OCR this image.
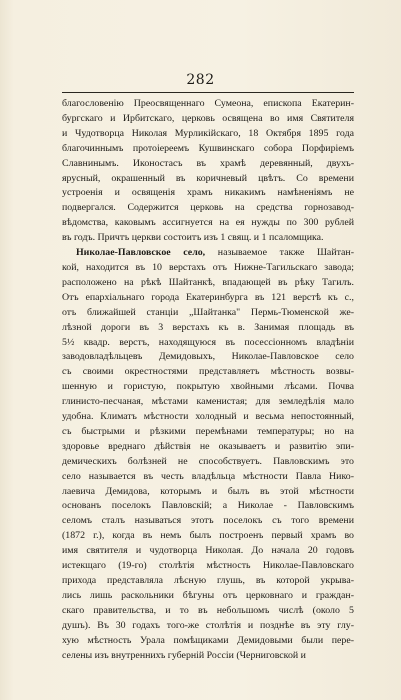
282
благословенію Преосвященнаго Сумеона, епископа Екатерин-
бургскаго и Ирбитскаго, церковь освящена во имя Святителя
и Чудотворца Николая Мурликійскаго, 18 Октября 1895 года
благочиннымъ протоіереемъ Кушвинскаго собора Порфиріемъ
Славнинымъ. Иконостасъ въ храмѣ деревянный, двухъ-
ярусный, окрашенный въ коричневый цвѣтъ. Со времени
устроенія и освященія храмъ никакимъ намѣненіямъ не
подвергался. Содержится церковь на средства горнозавод-
вѣдомства, каковымъ ассигнуется на ея нужды по 300 рублей
въ годъ. Причтъ церкви состоитъ изъ 1 свящ. и 1 псаломщика.
Николае-Павловское село, называемое также Шайтан-
кой, находится въ 10 верстахъ отъ Нижне-Тагильскаго завода;
расположено на рѣкѣ Шайтанкѣ, впадающей въ рѣку Тагилъ.
Отъ епархіальнаго города Екатеринбурга въ 121 верстѣ къ с.,
отъ ближайшей станціи „Шайтанка" Пермь-Тюменской же-
лѣзной дороги въ 3 верстахъ къ в. Занимая площадь въ
5½ квадр. верстъ, находящуюся въ посессіонномъ владѣніи
заводовладѣльцевъ Демидовыхъ, Николае-Павловское село
съ своими окрестностями представляетъ мѣстность возвы-
шенную и гористую, покрытую хвойными лѣсами. Почва
глинисто-песчаная, мѣстами каменистая; для земледѣлія мало
удобна. Климатъ мѣстности холодный и весьма непостоянный,
съ быстрыми и рѣзкими перемѣнами температуры; но на
здоровье вреднаго дѣйствія не оказываетъ и развитію эпи-
демическихъ болѣзней не способствуетъ. Павловскимъ это
село называется въ честь владѣльца мѣстности Павла Нико-
лаевича Демидова, которымъ и былъ въ этой мѣстности
основанъ поселокъ Павловскій; а Николае - Павловскимъ
селомъ сталъ называться этотъ поселокъ съ того времени
(1872 г.), когда въ немъ былъ построенъ первый храмъ во
имя святителя и чудотворца Николая. До начала 20 годовъ
истекщаго (19-го) столѣтія мѣстность Николае-Павловскаго
прихода представляла лѣсную глушь, въ которой укрыва-
лись лишь раскольники бѣгуны отъ церковнаго и граждан-
скаго правительства, и то въ небольшомъ числѣ (около 5
душъ). Въ 30 годахъ того-же столѣтія и позднѣе въ эту глу-
хую мѣстность Урала помѣщиками Демидовыми были пере-
селены изъ внутреннихъ губерній Россіи (Черниговской и
